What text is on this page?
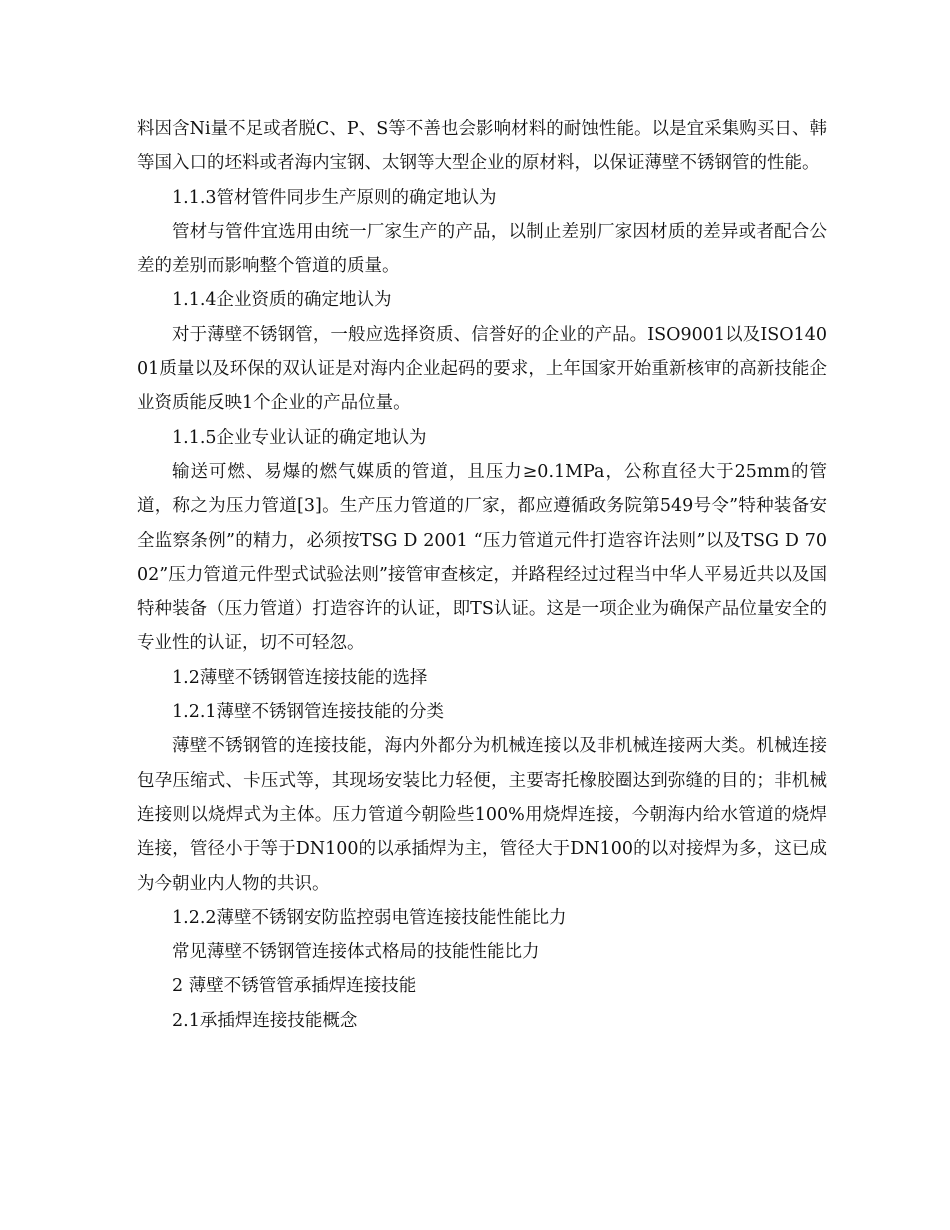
料因含Ni量不足或者脱C、P、S等不善也会影响材料的耐蚀性能。以是宜采集购买日、韩等国入口的坯料或者海内宝钢、太钢等大型企业的原材料，以保证薄壁不锈钢管的性能。

1.1.3管材管件同步生产原则的确定地认为

管材与管件宜选用由统一厂家生产的产品，以制止差别厂家因材质的差异或者配合公差的差别而影响整个管道的质量。

1.1.4企业资质的确定地认为

对于薄壁不锈钢管，一般应选择资质、信誉好的企业的产品。ISO9001以及ISO14001质量以及环保的双认证是对海内企业起码的要求，上年国家开始重新核审的高新技能企业资质能反映1个企业的产品位量。

1.1.5企业专业认证的确定地认为

输送可燃、易爆的燃气媒质的管道，且压力≥0.1MPa，公称直径大于25mm的管道，称之为压力管道[3]。生产压力管道的厂家，都应遵循政务院第549号令”特种装备安全监察条例”的精力，必须按TSG D 2001 “压力管道元件打造容许法则”以及TSG D 7002”压力管道元件型式试验法则”接管审查核定，并路程经过过程当中华人平易近共以及国特种装备（压力管道）打造容许的认证，即TS认证。这是一项企业为确保产品位量安全的专业性的认证，切不可轻忽。

1.2薄壁不锈钢管连接技能的选择

1.2.1薄壁不锈钢管连接技能的分类

薄壁不锈钢管的连接技能，海内外都分为机械连接以及非机械连接两大类。机械连接包孕压缩式、卡压式等，其现场安装比力轻便，主要寄托橡胶圈达到弥缝的目的；非机械连接则以烧焊式为主体。压力管道今朝险些100%用烧焊连接，今朝海内给水管道的烧焊连接，管径小于等于DN100的以承插焊为主，管径大于DN100的以对接焊为多，这已成为今朝业内人物的共识。

1.2.2薄壁不锈钢安防监控弱电管连接技能性能比力

常见薄壁不锈钢管连接体式格局的技能性能比力

2 薄壁不锈管管承插焊连接技能

2.1承插焊连接技能概念
